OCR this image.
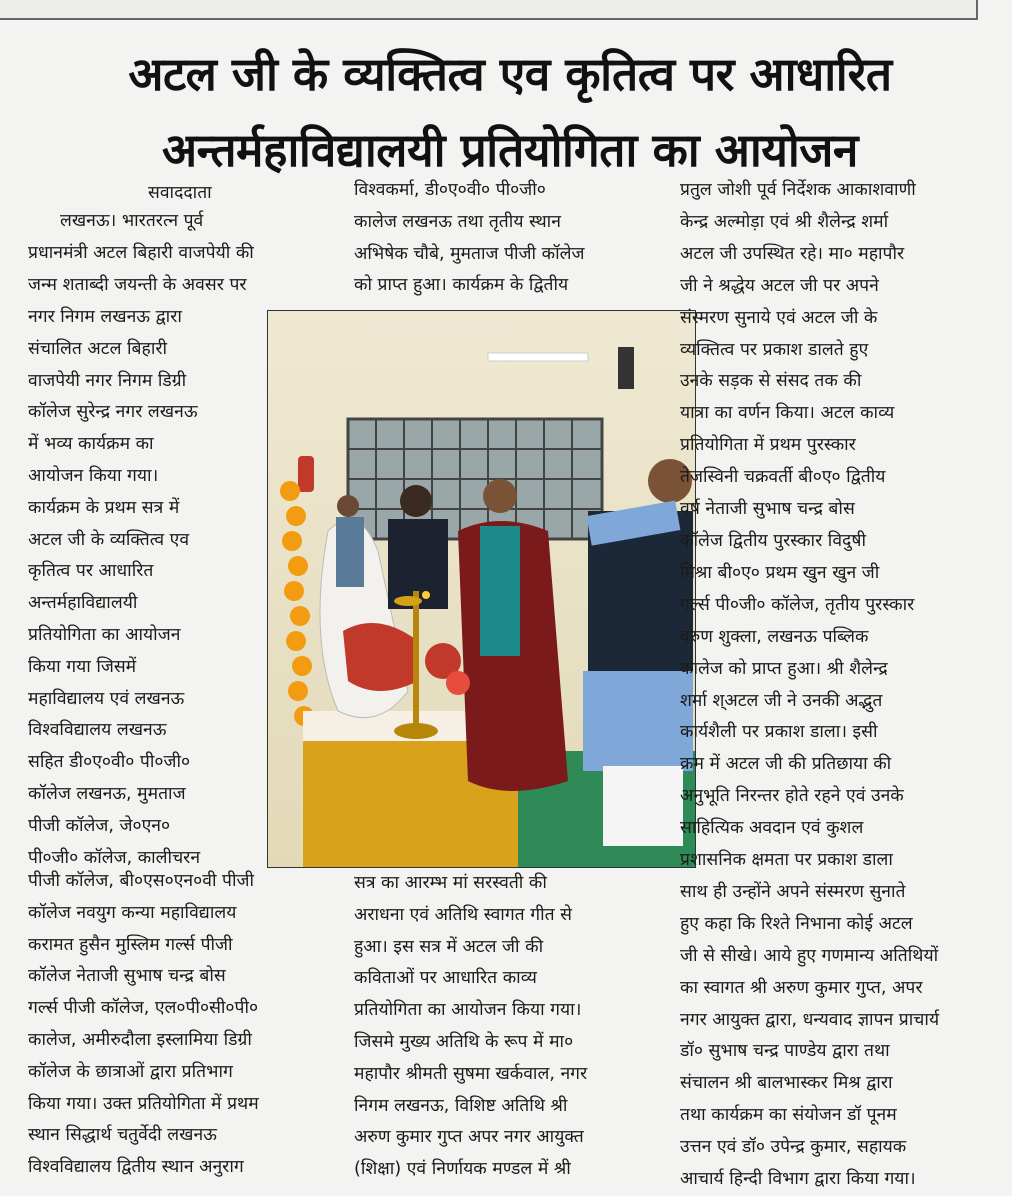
अटल जी के व्यक्तित्व एव कृतित्व पर आधारित
अन्तर्महाविद्यालयी प्रतियोगिता का आयोजन
सवाददाता
लखनऊ। भारतरत्न पूर्व
प्रधानमंत्री अटल बिहारी वाजपेयी की
जन्म शताब्दी जयन्ती के अवसर पर
नगर निगम लखनऊ द्वारा
संचालित अटल बिहारी
वाजपेयी नगर निगम डिग्री
कॉलेज सुरेन्द्र नगर लखनऊ
में भव्य कार्यक्रम का
आयोजन किया गया।
कार्यक्रम के प्रथम सत्र में
अटल जी के व्यक्तित्व एव
कृतित्व पर आधारित
अन्तर्महाविद्यालयी
प्रतियोगिता का आयोजन
किया गया जिसमें
महाविद्यालय एवं लखनऊ
विश्वविद्यालय लखनऊ
सहित डी०ए०वी० पी०जी०
कॉलेज लखनऊ, मुमताज
पीजी कॉलेज, जे०एन०
पी०जी० कॉलेज, कालीचरन
पीजी कॉलेज, बी०एस०एन०वी पीजी
कॉलेज नवयुग कन्या महाविद्यालय
करामत हुसैन मुस्लिम गर्ल्स पीजी
कॉलेज नेताजी सुभाष चन्द्र बोस
गर्ल्स पीजी कॉलेज, एल०पी०सी०पी०
कालेज, अमीरुदौला इस्लामिया डिग्री
कॉलेज के छात्राओं द्वारा प्रतिभाग
किया गया। उक्त प्रतियोगिता में प्रथम
स्थान सिद्धार्थ चतुर्वेदी लखनऊ
विश्वविद्यालय द्वितीय स्थान अनुराग
विश्वकर्मा, डी०ए०वी० पी०जी०
कालेज लखनऊ तथा तृतीय स्थान
अभिषेक चौबे, मुमताज पीजी कॉलेज
को प्राप्त हुआ। कार्यक्रम के द्वितीय
सत्र का आरम्भ मां सरस्वती की
अराधना एवं अतिथि स्वागत गीत से
हुआ। इस सत्र में अटल जी की
कविताओं पर आधारित काव्य
प्रतियोगिता का आयोजन किया गया।
जिसमे मुख्य अतिथि के रूप में मा०
महापौर श्रीमती सुषमा खर्कवाल, नगर
निगम लखनऊ, विशिष्ट अतिथि श्री
अरुण कुमार गुप्त अपर नगर आयुक्त
(शिक्षा) एवं निर्णायक मण्डल में श्री
प्रतुल जोशी पूर्व निर्देशक आकाशवाणी
केन्द्र अल्मोड़ा एवं श्री शैलेन्द्र शर्मा
अटल जी उपस्थित रहे। मा० महापौर
जी ने श्रद्धेय अटल जी पर अपने
संस्मरण सुनाये एवं अटल जी के
व्यक्तित्व पर प्रकाश डालते हुए
उनके सड़क से संसद तक की
यात्रा का वर्णन किया। अटल काव्य
प्रतियोगिता में प्रथम पुरस्कार
तेजस्विनी चक्रवर्ती बी०ए० द्वितीय
वर्ष नेताजी सुभाष चन्द्र बोस
कॉलेज द्वितीय पुरस्कार विदुषी
मिश्रा बी०ए० प्रथम खुन खुन जी
गर्ल्स पी०जी० कॉलेज, तृतीय पुरस्कार
वरुण शुक्ला, लखनऊ पब्लिक
कालेज को प्राप्त हुआ। श्री शैलेन्द्र
शर्मा श्अटल जी ने उनकी अद्भुत
कार्यशैली पर प्रकाश डाला। इसी
क्रम में अटल जी की प्रतिछाया की
अनुभूति निरन्तर होते रहने एवं उनके
साहित्यिक अवदान एवं कुशल
प्रशासनिक क्षमता पर प्रकाश डाला
साथ ही उन्होंने अपने संस्मरण सुनाते
हुए कहा कि रिश्ते निभाना कोई अटल
जी से सीखे। आये हुए गणमान्य अतिथियों
का स्वागत श्री अरुण कुमार गुप्त, अपर
नगर आयुक्त द्वारा, धन्यवाद ज्ञापन प्राचार्य
डॉ० सुभाष चन्द्र पाण्डेय द्वारा तथा
संचालन श्री बालभास्कर मिश्र द्वारा
तथा कार्यक्रम का संयोजन डॉ पूनम
उत्तन एवं डॉ० उपेन्द्र कुमार, सहायक
आचार्य हिन्दी विभाग द्वारा किया गया।
